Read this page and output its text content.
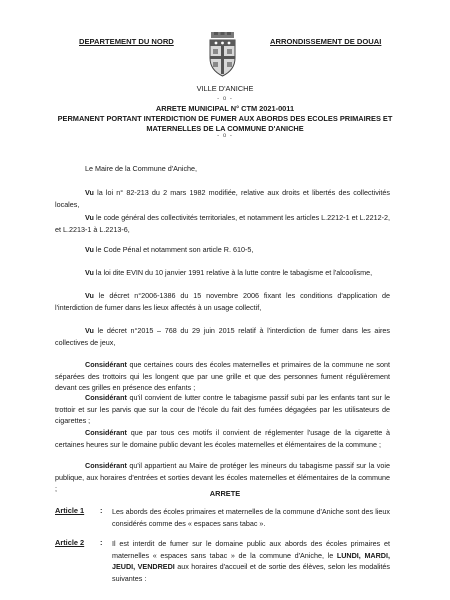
DEPARTEMENT DU NORD	ARRONDISSEMENT DE DOUAI
VILLE D'ANICHE
- o -
ARRETE MUNICIPAL N° CTM 2021-0011
PERMANENT PORTANT INTERDICTION DE FUMER AUX ABORDS DES ECOLES PRIMAIRES ET
MATERNELLES DE LA COMMUNE D'ANICHE
- o -
Le Maire de la Commune d'Aniche,
Vu la loi n° 82-213 du 2 mars 1982 modifiée, relative aux droits et libertés des collectivités locales,
Vu le code général des collectivités territoriales, et notamment les articles L.2212-1 et L.2212-2, et L.2213-1 à L.2213-6,
Vu le Code Pénal et notamment son article R. 610-5,
Vu la loi dite EVIN du 10 janvier 1991 relative à la lutte contre le tabagisme et l'alcoolisme,
Vu le décret n°2006-1386 du 15 novembre 2006 fixant les conditions d'application de l'interdiction de fumer dans les lieux affectés à un usage collectif,
Vu le décret n°2015 – 768 du 29 juin 2015 relatif à l'interdiction de fumer dans les aires collectives de jeux,
Considérant que certaines cours des écoles maternelles et primaires de la commune ne sont séparées des trottoirs qui les longent que par une grille et que des personnes fument régulièrement devant ces grilles en présence des enfants ;
Considérant qu'il convient de lutter contre le tabagisme passif subi par les enfants tant sur le trottoir et sur les parvis que sur la cour de l'école du fait des fumées dégagées par les utilisateurs de cigarettes ;
Considérant que par tous ces motifs il convient de réglementer l'usage de la cigarette à certaines heures sur le domaine public devant les écoles maternelles et élémentaires de la commune ;
Considérant qu'il appartient au Maire de protéger les mineurs du tabagisme passif sur la voie publique, aux horaires d'entrées et sorties devant les écoles maternelles et élémentaires de la commune ;
ARRETE
Article 1 : Les abords des écoles primaires et maternelles de la commune d'Aniche sont des lieux considérés comme des « espaces sans tabac ».
Article 2 : Il est interdit de fumer sur le domaine public aux abords des écoles primaires et maternelles « espaces sans tabac » de la commune d'Aniche, le LUNDI, MARDI, JEUDI, VENDREDI aux horaires d'accueil et de sortie des élèves, selon les modalités suivantes :
